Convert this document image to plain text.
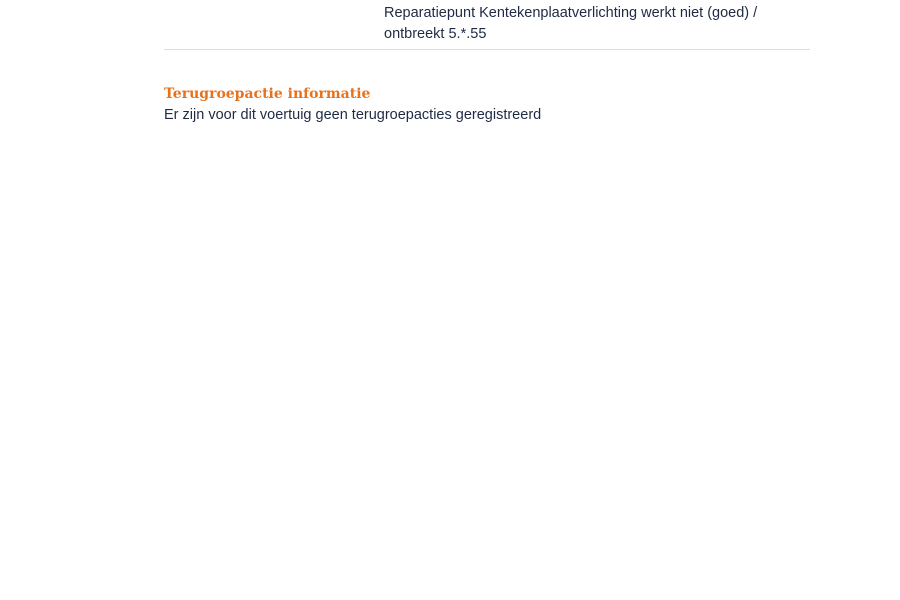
Reparatiepunt Kentekenplaatverlichting werkt niet (goed) /
ontbreekt 5.*.55
Terugroepactie informatie

Er zijn voor dit voertuig geen terugroepacties geregistreerd
